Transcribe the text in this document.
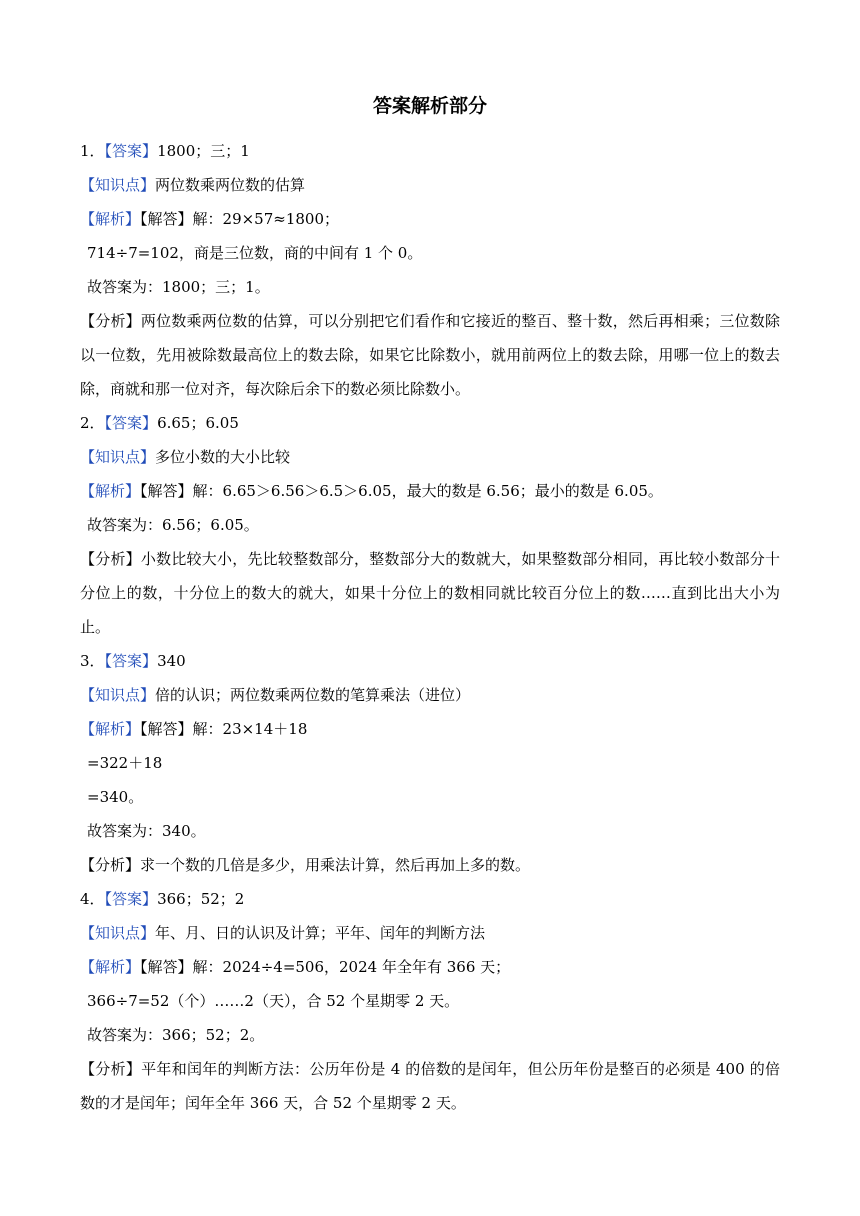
答案解析部分
1．【答案】1800；三；1
【知识点】两位数乘两位数的估算
【解析】【解答】解：29×57≈1800；
714÷7=102，商是三位数，商的中间有 1 个 0。
故答案为：1800；三；1。
【分析】两位数乘两位数的估算，可以分别把它们看作和它接近的整百、整十数，然后再相乘；三位数除以一位数，先用被除数最高位上的数去除，如果它比除数小，就用前两位上的数去除，用哪一位上的数去除，商就和那一位对齐，每次除后余下的数必须比除数小。
2．【答案】6.65；6.05
【知识点】多位小数的大小比较
【解析】【解答】解：6.65＞6.56＞6.5＞6.05，最大的数是 6.56；最小的数是 6.05。
故答案为：6.56；6.05。
【分析】小数比较大小，先比较整数部分，整数部分大的数就大，如果整数部分相同，再比较小数部分十分位上的数，十分位上的数大的就大，如果十分位上的数相同就比较百分位上的数……直到比出大小为止。
3．【答案】340
【知识点】倍的认识；两位数乘两位数的笔算乘法（进位）
【解析】【解答】解：23×14＋18
=322＋18
=340。
故答案为：340。
【分析】求一个数的几倍是多少，用乘法计算，然后再加上多的数。
4．【答案】366；52；2
【知识点】年、月、日的认识及计算；平年、闰年的判断方法
【解析】【解答】解：2024÷4=506，2024 年全年有 366 天；
366÷7=52（个）……2（天），合 52 个星期零 2 天。
故答案为：366；52；2。
【分析】平年和闰年的判断方法：公历年份是 4 的倍数的是闰年，但公历年份是整百的必须是 400 的倍数的才是闰年；闰年全年 366 天，合 52 个星期零 2 天。
